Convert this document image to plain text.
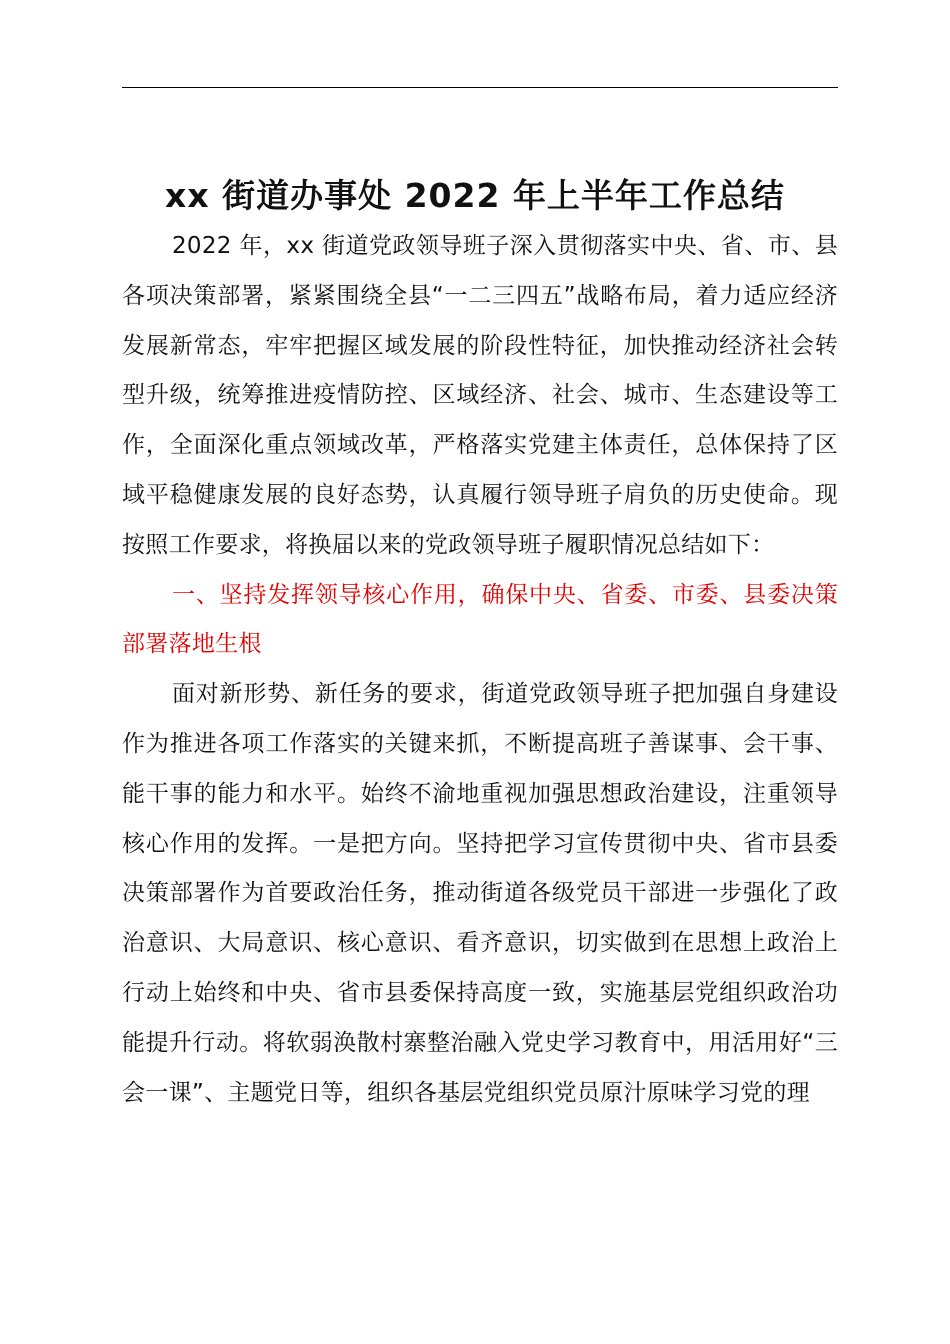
xx 街道办事处 2022 年上半年工作总结

2022 年，xx 街道党政领导班子深入贯彻落实中央、省、市、县各项决策部署，紧紧围绕全县“一二三四五”战略布局，着力适应经济发展新常态，牢牢把握区域发展的阶段性特征，加快推动经济社会转型升级，统筹推进疫情防控、区域经济、社会、城市、生态建设等工作，全面深化重点领域改革，严格落实党建主体责任，总体保持了区域平稳健康发展的良好态势，认真履行领导班子肩负的历史使命。现按照工作要求，将换届以来的党政领导班子履职情况总结如下：

一、坚持发挥领导核心作用，确保中央、省委、市委、县委决策部署落地生根

面对新形势、新任务的要求，街道党政领导班子把加强自身建设作为推进各项工作落实的关键来抓，不断提高班子善谋事、会干事、能干事的能力和水平。始终不渝地重视加强思想政治建设，注重领导核心作用的发挥。一是把方向。坚持把学习宣传贯彻中央、省市县委决策部署作为首要政治任务，推动街道各级党员干部进一步强化了政治意识、大局意识、核心意识、看齐意识，切实做到在思想上政治上行动上始终和中央、省市县委保持高度一致，实施基层党组织政治功能提升行动。将软弱涣散村寨整治融入党史学习教育中，用活用好“三会一课”、主题党日等，组织各基层党组织党员原汁原味学习党的理
